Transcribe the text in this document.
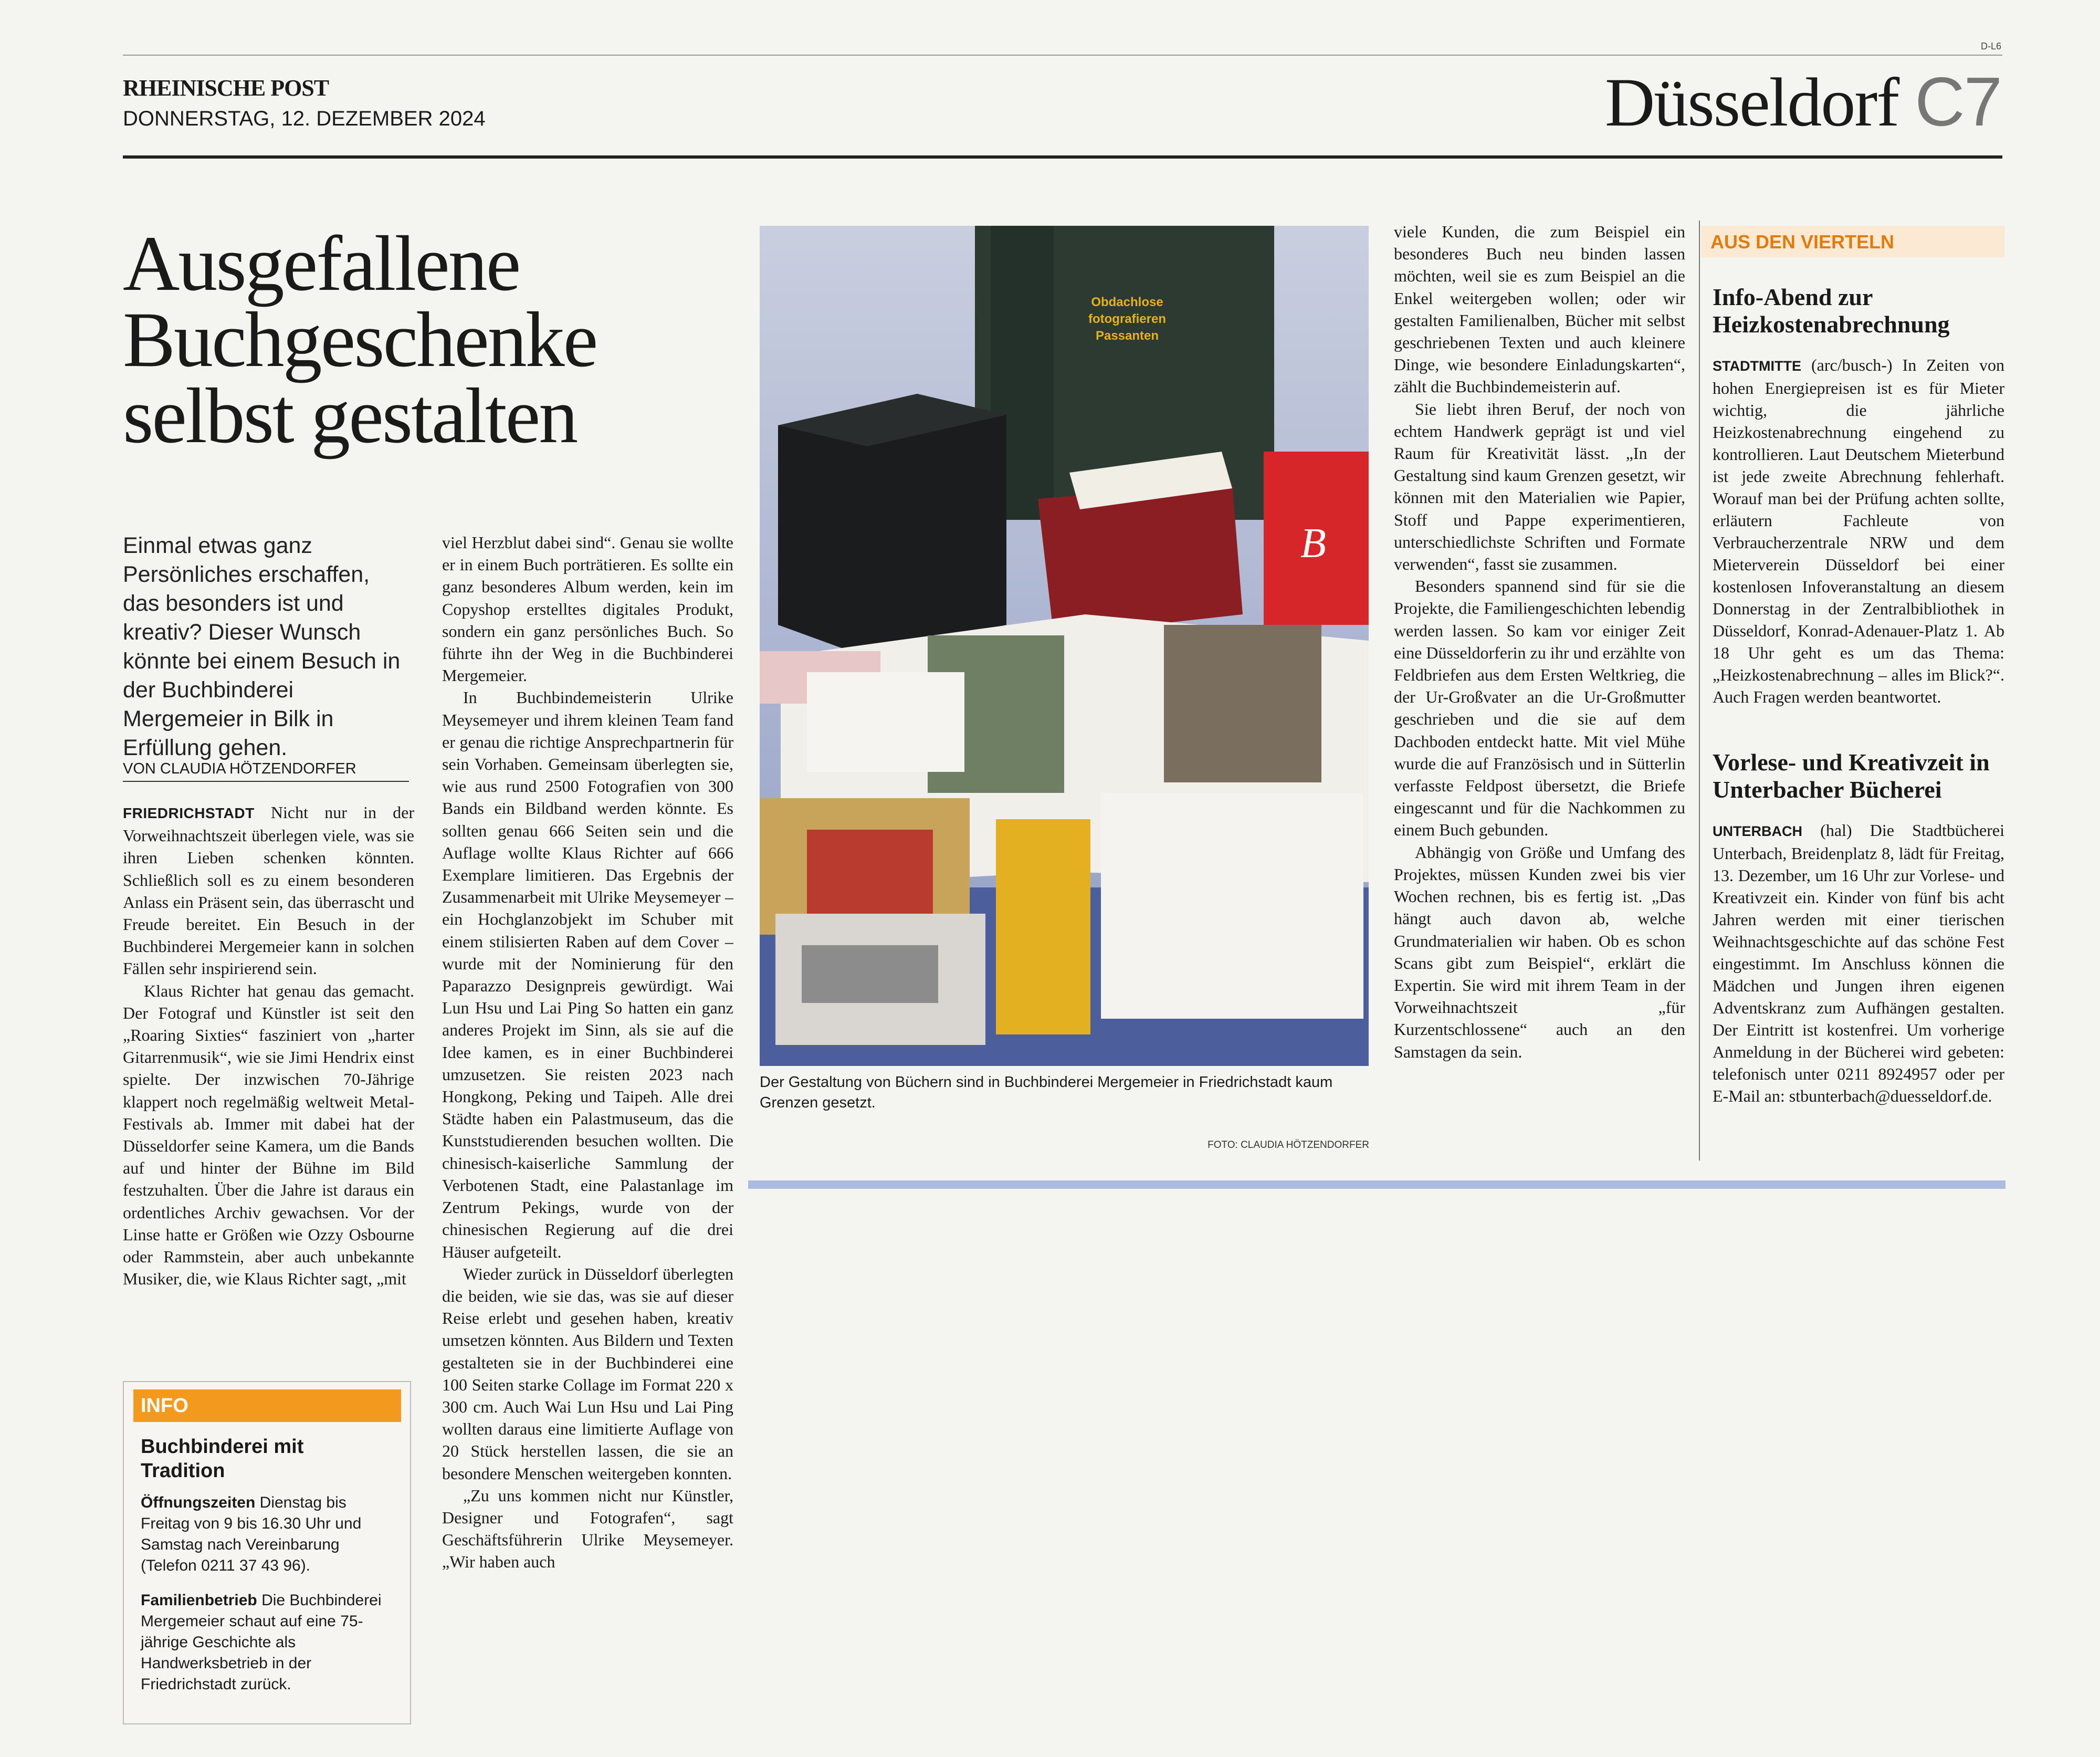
D-L6
RHEINISCHE POST
DONNERSTAG, 12. DEZEMBER 2024	Düsseldorf C7
Ausgefallene Buchgeschenke selbst gestalten
Einmal etwas ganz Persönliches erschaffen, das besonders ist und kreativ? Dieser Wunsch könnte bei einem Besuch in der Buchbinderei Mergemeier in Bilk in Erfüllung gehen.
VON CLAUDIA HÖTZENDORFER

FRIEDRICHSTADT Nicht nur in der Vorweihnachtszeit überlegen viele, was sie ihren Lieben schenken könnten. Schließlich soll es zu einem besonderen Anlass ein Präsent sein, das überrascht und Freude bereitet. Ein Besuch in der Buchbinderei Mergemeier kann in solchen Fällen sehr inspirierend sein.

Klaus Richter hat genau das gemacht. Der Fotograf und Künstler ist seit den „Roaring Sixties“ fasziniert von „harter Gitarrenmusik“, wie sie Jimi Hendrix einst spielte. Der inzwischen 70-Jährige klappert noch regelmäßig weltweit Metal-Festivals ab. Immer mit dabei hat der Düsseldorfer seine Kamera, um die Bands auf und hinter der Bühne im Bild festzuhalten. Über die Jahre ist daraus ein ordentliches Archiv gewachsen. Vor der Linse hatte er Größen wie Ozzy Osbourne oder Rammstein, aber auch unbekannte Musiker, die, wie Klaus Richter sagt, „mit

INFO
Buchbinderei mit Tradition
Öffnungszeiten Dienstag bis Freitag von 9 bis 16.30 Uhr und Samstag nach Vereinbarung (Telefon 0211 37 43 96).
Familienbetrieb Die Buchbinderei Mergemeier schaut auf eine 75-jährige Geschichte als Handwerksbetrieb in der Friedrichstadt zurück.

viel Herzblut dabei sind“. Genau sie wollte er in einem Buch porträtieren. Es sollte ein ganz besonderes Album werden, kein im Copyshop erstelltes digitales Produkt, sondern ein ganz persönliches Buch. So führte ihn der Weg in die Buchbinderei Mergemeier.

In Buchbindemeisterin Ulrike Meysemeyer und ihrem kleinen Team fand er genau die richtige Ansprechpartnerin für sein Vorhaben. Gemeinsam überlegten sie, wie aus rund 2500 Fotografien von 300 Bands ein Bildband werden könnte. Es sollten genau 666 Seiten sein und die Auflage wollte Klaus Richter auf 666 Exemplare limitieren. Das Ergebnis der Zusammenarbeit mit Ulrike Meysemeyer – ein Hochglanzobjekt im Schuber mit einem stilisierten Raben auf dem Cover – wurde mit der Nominierung für den Paparazzo Designpreis gewürdigt. Wai Lun Hsu und Lai Ping So hatten ein ganz anderes Projekt im Sinn, als sie auf die Idee kamen, es in einer Buchbinderei umzusetzen. Sie reisten 2023 nach Hongkong, Peking und Taipeh. Alle drei Städte haben ein Palastmuseum, das die Kunststudierenden besuchen wollten. Die chinesisch-kaiserliche Sammlung der Verbotenen Stadt, eine Palastanlage im Zentrum Pekings, wurde von der chinesischen Regierung auf die drei Häuser aufgeteilt.

Wieder zurück in Düsseldorf überlegten die beiden, wie sie das, was sie auf dieser Reise erlebt und gesehen haben, kreativ umsetzen könnten. Aus Bildern und Texten gestalteten sie in der Buchbinderei eine 100 Seiten starke Collage im Format 220 x 300 cm. Auch Wai Lun Hsu und Lai Ping wollten daraus eine limitierte Auflage von 20 Stück herstellen lassen, die sie an besondere Menschen weitergeben konnten.

„Zu uns kommen nicht nur Künstler, Designer und Fotografen“, sagt Geschäftsführerin Ulrike Meysemeyer. „Wir haben auch

Obdachlose fotografieren Passanten
B
Der Gestaltung von Büchern sind in Buchbinderei Mergemeier in Friedrichstadt kaum Grenzen gesetzt.
FOTO: CLAUDIA HÖTZENDORFER

viele Kunden, die zum Beispiel ein besonderes Buch neu binden lassen möchten, weil sie es zum Beispiel an die Enkel weitergeben wollen; oder wir gestalten Familienalben, Bücher mit selbst geschriebenen Texten und auch kleinere Dinge, wie besondere Einladungskarten“, zählt die Buchbindemeisterin auf.

Sie liebt ihren Beruf, der noch von echtem Handwerk geprägt ist und viel Raum für Kreativität lässt. „In der Gestaltung sind kaum Grenzen gesetzt, wir können mit den Materialien wie Papier, Stoff und Pappe experimentieren, unterschiedlichste Schriften und Formate verwenden“, fasst sie zusammen.

Besonders spannend sind für sie die Projekte, die Familiengeschichten lebendig werden lassen. So kam vor einiger Zeit eine Düsseldorferin zu ihr und erzählte von Feldbriefen aus dem Ersten Weltkrieg, die der Ur-Großvater an die Ur-Großmutter geschrieben und die sie auf dem Dachboden entdeckt hatte. Mit viel Mühe wurde die auf Französisch und in Sütterlin verfasste Feldpost übersetzt, die Briefe eingescannt und für die Nachkommen zu einem Buch gebunden.

Abhängig von Größe und Umfang des Projektes, müssen Kunden zwei bis vier Wochen rechnen, bis es fertig ist. „Das hängt auch davon ab, welche Grundmaterialien wir haben. Ob es schon Scans gibt zum Beispiel“, erklärt die Expertin. Sie wird mit ihrem Team in der Vorweihnachtszeit „für Kurzentschlossene“ auch an den Samstagen da sein.

AUS DEN VIERTELN
Info-Abend zur Heizkostenabrechnung
STADTMITTE (arc/busch-) In Zeiten von hohen Energiepreisen ist es für Mieter wichtig, die jährliche Heizkostenabrechnung eingehend zu kontrollieren. Laut Deutschem Mieterbund ist jede zweite Abrechnung fehlerhaft. Worauf man bei der Prüfung achten sollte, erläutern Fachleute von Verbraucherzentrale NRW und dem Mieterverein Düsseldorf bei einer kostenlosen Infoveranstaltung an diesem Donnerstag in der Zentralbibliothek in Düsseldorf, Konrad-Adenauer-Platz 1. Ab 18 Uhr geht es um das Thema: „Heizkostenabrechnung – alles im Blick?“. Auch Fragen werden beantwortet.
Vorlese- und Kreativzeit in Unterbacher Bücherei
UNTERBACH (hal) Die Stadtbücherei Unterbach, Breidenplatz 8, lädt für Freitag, 13. Dezember, um 16 Uhr zur Vorlese- und Kreativzeit ein. Kinder von fünf bis acht Jahren werden mit einer tierischen Weihnachtsgeschichte auf das schöne Fest eingestimmt. Im Anschluss können die Mädchen und Jungen ihren eigenen Adventskranz zum Aufhängen gestalten. Der Eintritt ist kostenfrei. Um vorherige Anmeldung in der Bücherei wird gebeten: telefonisch unter 0211 8924957 oder per E-Mail an: stbunterbach@duesseldorf.de.
